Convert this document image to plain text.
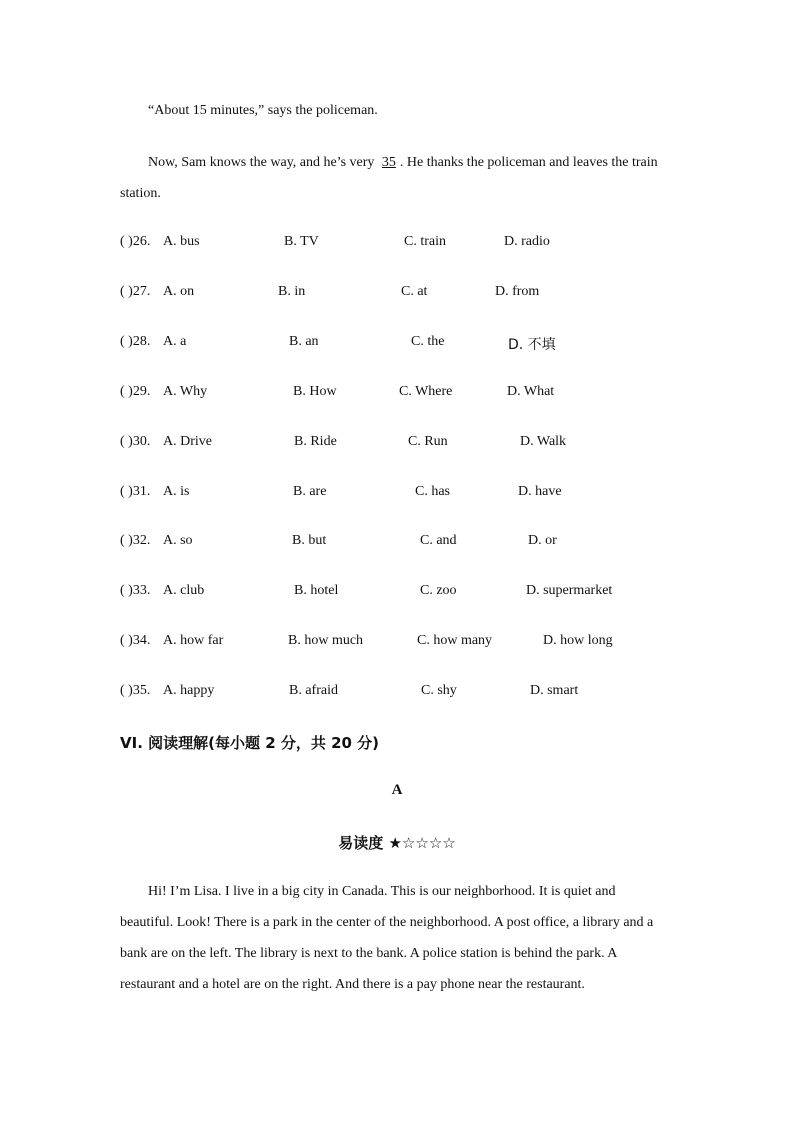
“About 15 minutes,” says the policeman.
Now, Sam knows the way, and he’s very 35 . He thanks the policeman and leaves the train station.
( )26. A. bus	B. TV	C. train	D. radio
( )27. A. on	B. in	C. at	D. from
( )28. A. a	B. an	C. the	D. 不填
( )29. A. Why	B. How	C. Where	D. What
( )30. A. Drive	B. Ride	C. Run	D. Walk
( )31. A. is	B. are	C. has	D. have
( )32. A. so	B. but	C. and	D. or
( )33. A. club	B. hotel	C. zoo	D. supermarket
( )34. A. how far	B. how much	C. how many	D. how long
( )35. A. happy	B. afraid	C. shy	D. smart
VI. 阅读理解(每小题 2 分，共 20 分)
A
易读度 ★☆☆☆☆
Hi! I’m Lisa. I live in a big city in Canada. This is our neighborhood. It is quiet and beautiful. Look! There is a park in the center of the neighborhood. A post office, a library and a bank are on the left. The library is next to the bank. A police station is behind the park. A restaurant and a hotel are on the right. And there is a pay phone near the restaurant.
